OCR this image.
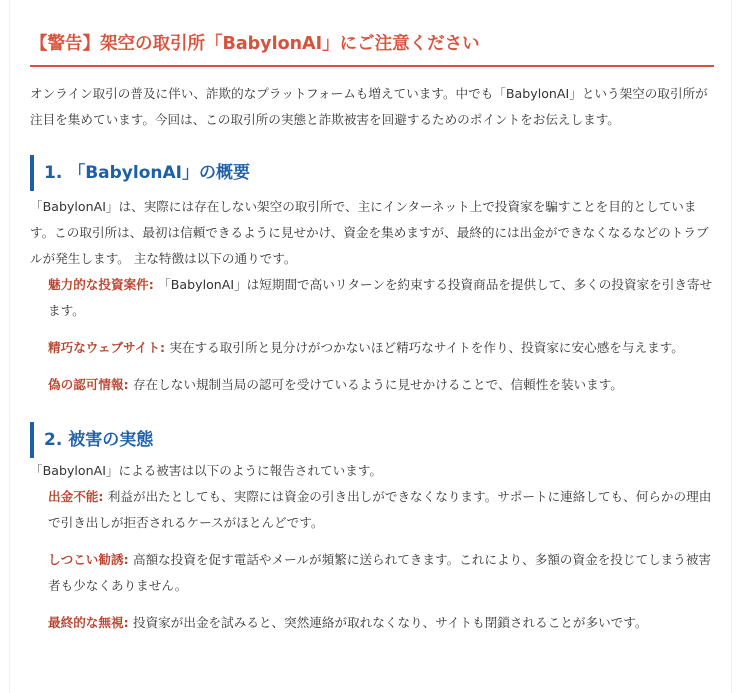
【警告】架空の取引所「BabylonAI」にご注意ください

オンライン取引の普及に伴い、詐欺的なプラットフォームも増えています。中でも「BabylonAI」という架空の取引所が注目を集めています。今回は、この取引所の実態と詐欺被害を回避するためのポイントをお伝えします。

1. 「BabylonAI」の概要

「BabylonAI」は、実際には存在しない架空の取引所で、主にインターネット上で投資家を騙すことを目的としています。この取引所は、最初は信頼できるように見せかけ、資金を集めますが、最終的には出金ができなくなるなどのトラブルが発生します。 主な特徴は以下の通りです。

魅力的な投資案件: 「BabylonAI」は短期間で高いリターンを約束する投資商品を提供して、多くの投資家を引き寄せます。
精巧なウェブサイト: 実在する取引所と見分けがつかないほど精巧なサイトを作り、投資家に安心感を与えます。
偽の認可情報: 存在しない規制当局の認可を受けているように見せかけることで、信頼性を装います。
2. 被害の実態

「BabylonAI」による被害は以下のように報告されています。

出金不能: 利益が出たとしても、実際には資金の引き出しができなくなります。サポートに連絡しても、何らかの理由で引き出しが拒否されるケースがほとんどです。
しつこい勧誘: 高額な投資を促す電話やメールが頻繁に送られてきます。これにより、多額の資金を投じてしまう被害者も少なくありません。
最終的な無視: 投資家が出金を試みると、突然連絡が取れなくなり、サイトも閉鎖されることが多いです。
